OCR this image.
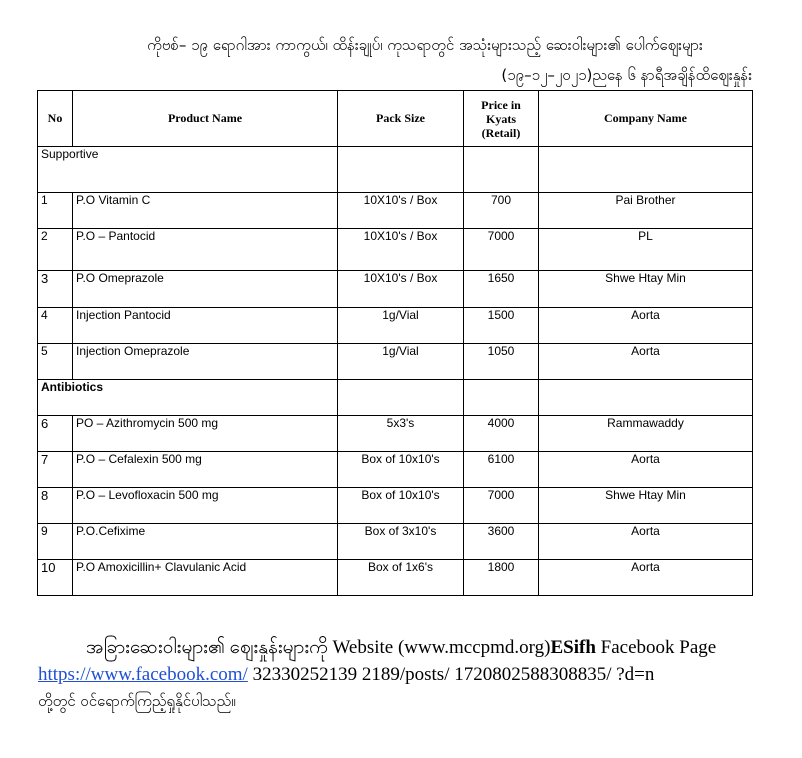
ကိုဗစ်– ၁၉ ရောဂါအား ကာကွယ်၊ ထိန်းချုပ်၊ ကုသရာတွင် အသုံးများသည့် ဆေးဝါးများ၏ ပေါက်ဈေးများ
(၁၉–၁၂–၂၀၂၁)ညနေ ၆ နာရီအချိန်ထိဈေးနှုန်း
No	Product Name	Pack Size	Price in Kyats (Retail)	Company Name
Supportive				
1	P.O Vitamin C	10X10's / Box	700	Pai Brother
2	P.O – Pantocid	10X10's / Box	7000	PL
3	P.O Omeprazole	10X10's / Box	1650	Shwe Htay Min
4	Injection Pantocid	1g/Vial	1500	Aorta
5	Injection Omeprazole	1g/Vial	1050	Aorta
Antibiotics				
6	PO – Azithromycin 500 mg	5x3's	4000	Rammawaddy
7	P.O – Cefalexin 500 mg	Box of 10x10's	6100	Aorta
8	P.O – Levofloxacin 500 mg	Box of 10x10's	7000	Shwe Htay Min
9	P.O.Cefixime	Box of 3x10's	3600	Aorta
10	P.O Amoxicillin+ Clavulanic Acid	Box of 1x6's	1800	Aorta
အခြားဆေးဝါးများ၏ ဈေးနှုန်းများကို Website (www.mccpmd.org)ESifh Facebook Page
https://www.facebook.com/ 32330252139 2189/posts/ 1720802588308835/ ?d=n
တို့တွင် ဝင်ရောက်ကြည့်ရှုနိုင်ပါသည်။
